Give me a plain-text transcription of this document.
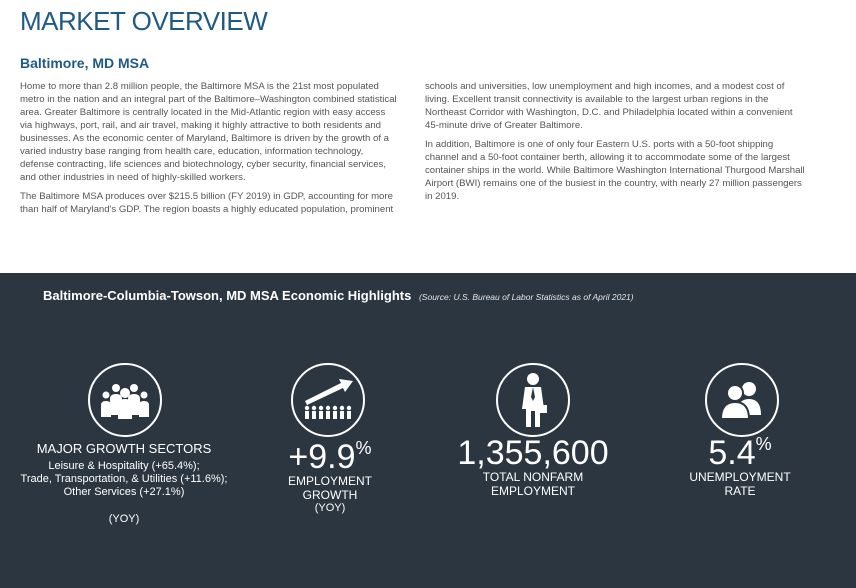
MARKET OVERVIEW
Baltimore, MD MSA

Home to more than 2.8 million people, the Baltimore MSA is the 21st most populated metro in the nation and an integral part of the Baltimore–Washington combined statistical area. Greater Baltimore is centrally located in the Mid-Atlantic region with easy access via highways, port, rail, and air travel, making it highly attractive to both residents and businesses. As the economic center of Maryland, Baltimore is driven by the growth of a varied industry base ranging from health care, education, information technology, defense contracting, life sciences and biotechnology, cyber security, financial services, and other industries in need of highly-skilled workers.

The Baltimore MSA produces over $215.5 billion (FY 2019) in GDP, accounting for more than half of Maryland's GDP. The region boasts a highly educated population, prominent

schools and universities, low unemployment and high incomes, and a modest cost of living. Excellent transit connectivity is available to the largest urban regions in the Northeast Corridor with Washington, D.C. and Philadelphia located within a convenient 45-minute drive of Greater Baltimore.

In addition, Baltimore is one of only four Eastern U.S. ports with a 50-foot shipping channel and a 50-foot container berth, allowing it to accommodate some of the largest container ships in the world. While Baltimore Washington International Thurgood Marshall Airport (BWI) remains one of the busiest in the country, with nearly 27 million passengers in 2019.

Baltimore-Columbia-Towson, MD MSA Economic Highlights (Source: U.S. Bureau of Labor Statistics as of April 2021)
MAJOR GROWTH SECTORS
Leisure & Hospitality (+65.4%);
Trade, Transportation, & Utilities (+11.6%);
Other Services (+27.1%)
(YOY)
+9.9%
EMPLOYMENT
GROWTH
(YOY)
1,355,600
TOTAL NONFARM
EMPLOYMENT
5.4%
UNEMPLOYMENT
RATE
